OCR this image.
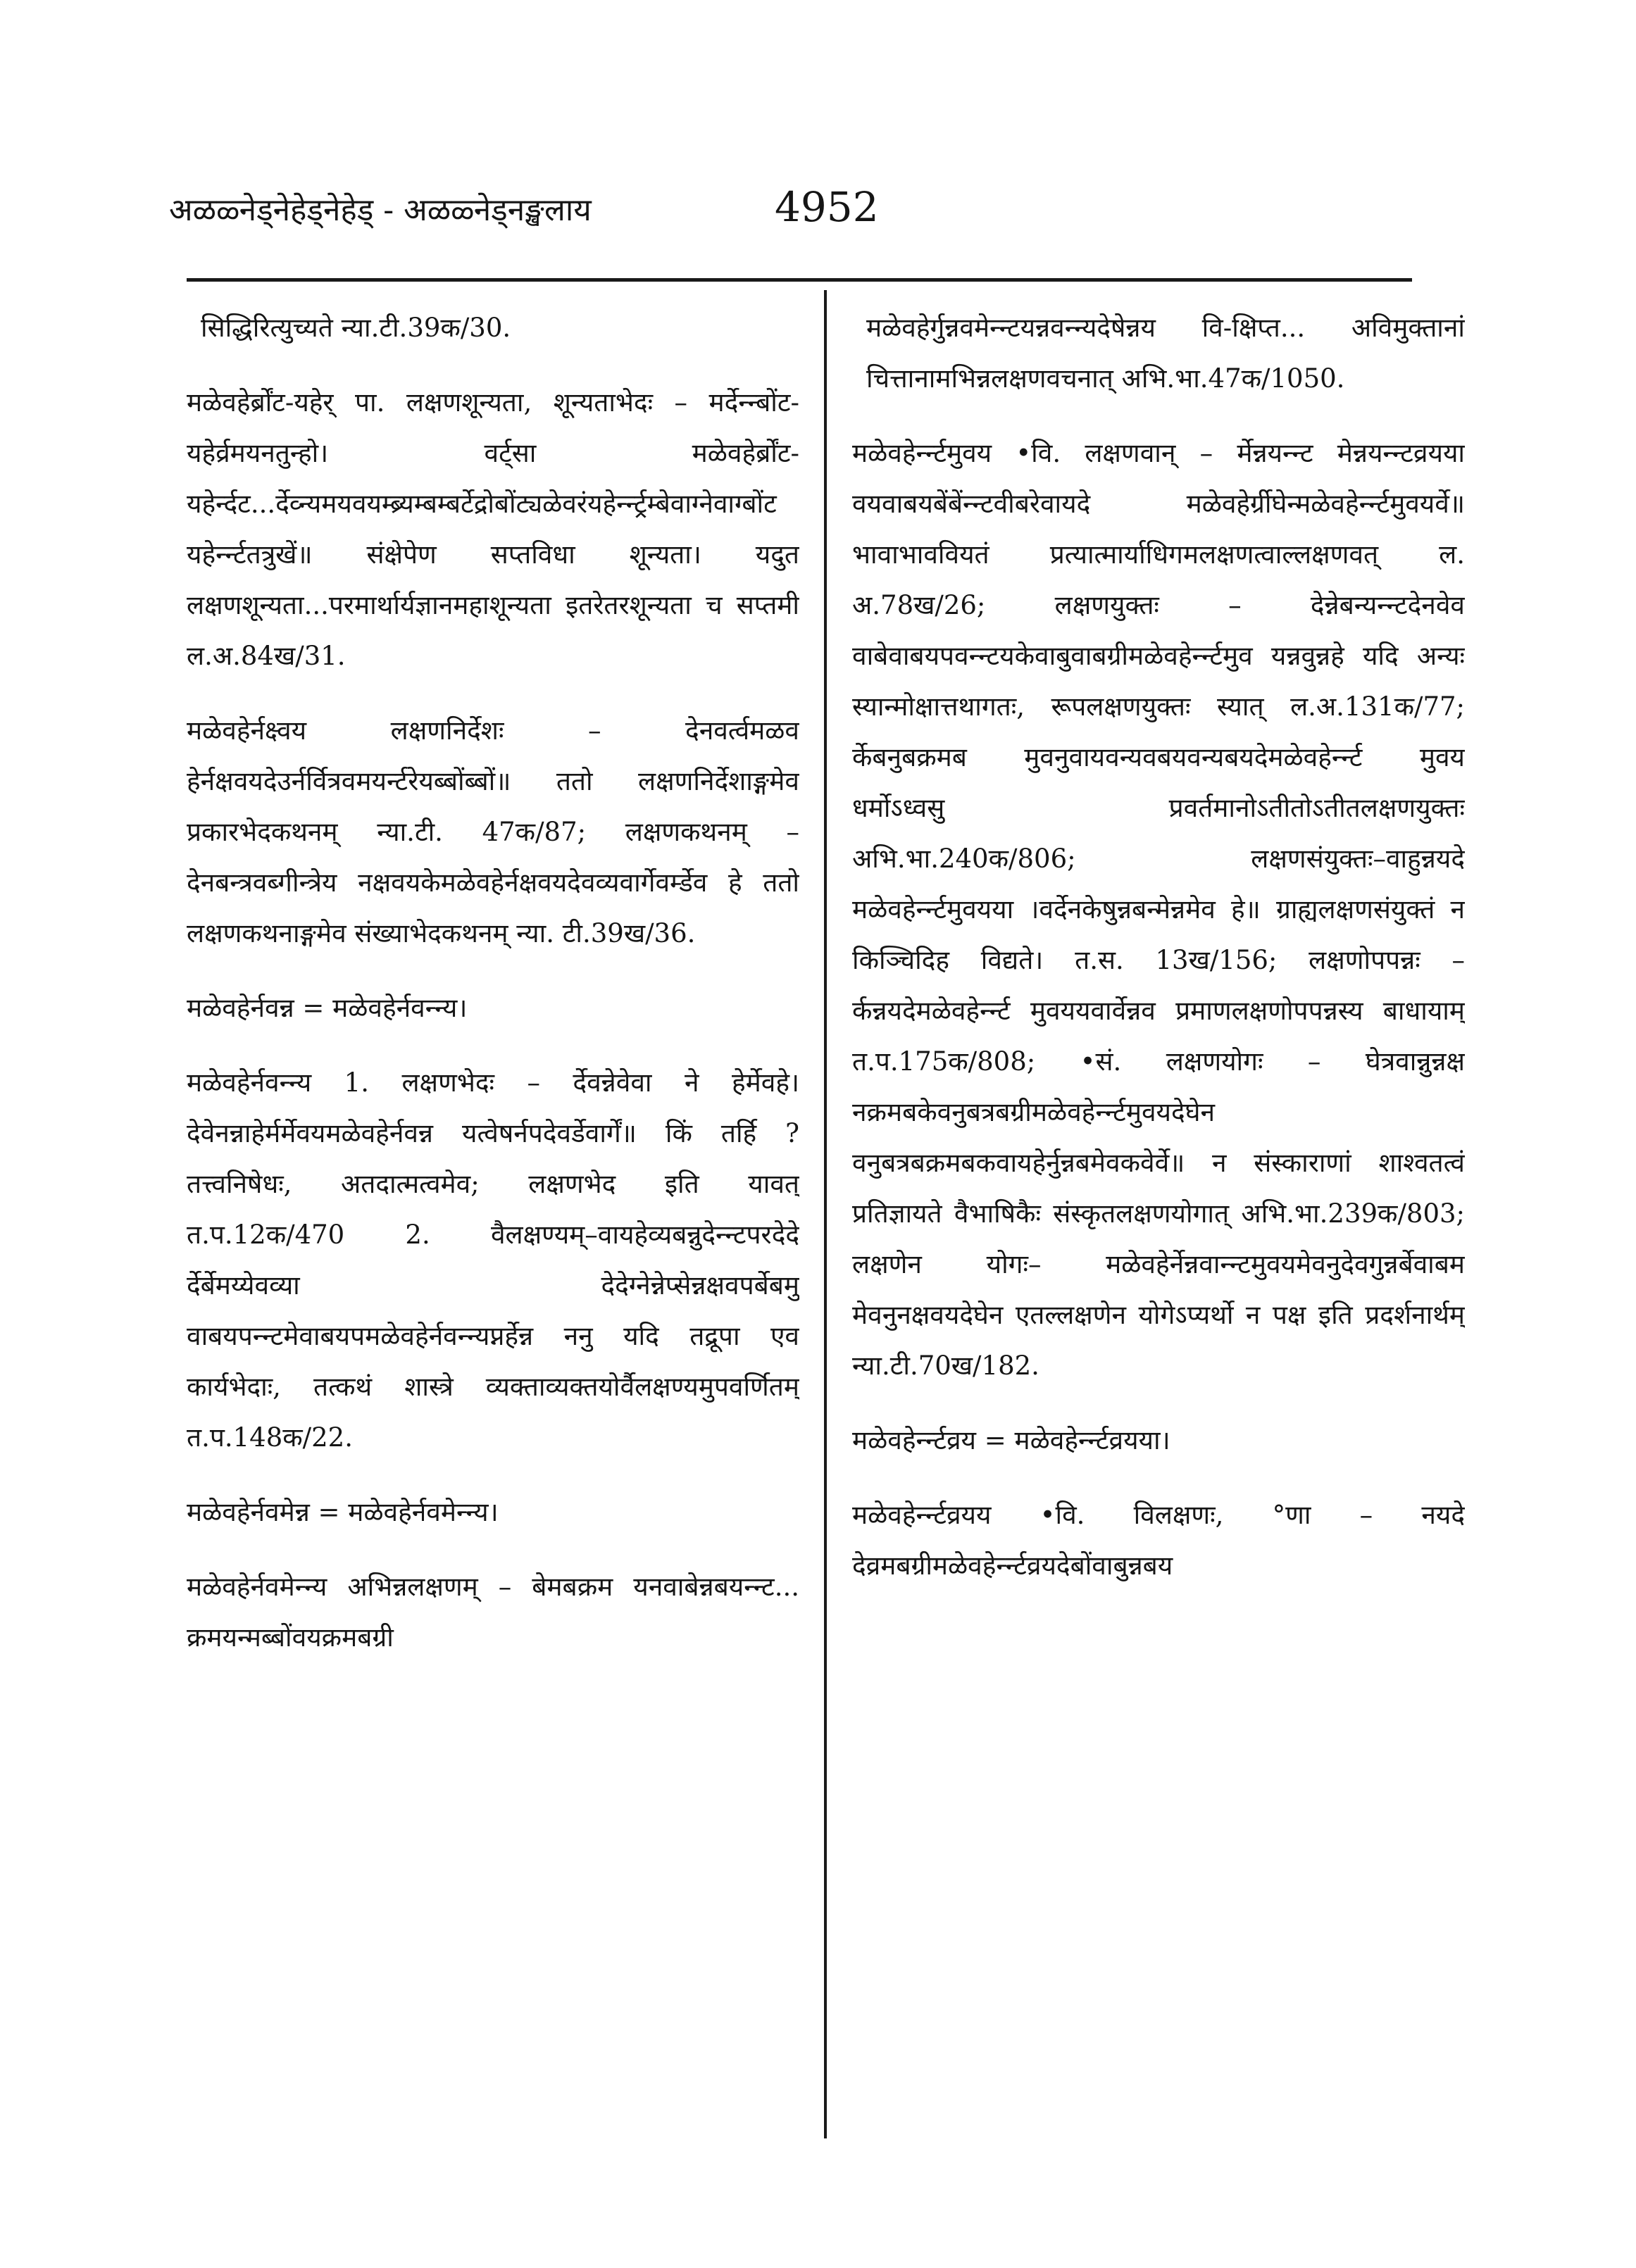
अळळ्नेड्नेहेड्नेहेड् - अळळ्नेड्नङ्खलाय	4952

सिद्धिरित्युच्यते न्या.टी.39क/30.

मळेवहेर्ब्रोंट-यहेर् पा. लक्षणशून्यता, शून्यताभेदः – मर्देन्न्बोंट-यहेर्व्रमयनतुन्हो। वर्ट्सा मळेवहेर्ब्रोंट-यहेर्न्दट...र्देव्न्यमयवयम्ब्र्यम्बम्बर्टेद्रोबोंट्यळेवरंयहेर्न्न्ट्रम्बेवाग्नेवाग्बोंट यहेर्न्न्टतत्रुखें॥ संक्षेपेण सप्तविधा शून्यता। यदुत लक्षणशून्यता...परमार्थार्यज्ञानमहाशून्यता इतरेतरशून्यता च सप्तमी ल.अ.84ख/31.

मळेवहेर्नक्ष्वय लक्षणनिर्देशः – देनवर्त्वमळव हेर्नक्षवयदेउर्नर्वित्रवमयर्न्टरेयब्बोंब्बों॥ ततो लक्षणनिर्देशाङ्गमेव प्रकारभेदकथनम् न्या.टी. 47क/87; लक्षणकथनम् – देनबन्त्रवब्गीन्त्रेय नक्षवयकेमळेवहेर्नक्षवयदेवव्यवार्गेवर्म्डेव हे ततो लक्षणकथनाङ्गमेव संख्याभेदकथनम् न्या. टी.39ख/36.

मळेवहेर्नवन्न = मळेवहेर्नवन्न्य।

मळेवहेर्नवन्न्य 1. लक्षणभेदः – र्देवन्नेवेवा ने हेर्मेवहे। देवेनन्नाहेर्मर्मेवयमळेवहेर्नवन्न यत्वेषर्नपदेवर्डेवार्गें॥ किं तर्हि ? तत्त्वनिषेधः, अतदात्मत्वमेव; लक्षणभेद इति यावत् त.प.12क/470 2. वैलक्षण्यम्–वायहेव्यबन्नुदेन्न्टपरदेदे र्देर्बेमय्येवव्या देदेग्नेन्नेप्सेन्नक्षवपर्बेबमु वाबयपन्न्टमेवाबयपमळेवहेर्नवन्न्यप्नर्हेन्न ननु यदि तद्रूपा एव कार्यभेदाः, तत्कथं शास्त्रे व्यक्ताव्यक्तयोर्वैलक्षण्यमुपवर्णितम् त.प.148क/22.

मळेवहेर्नवमेन्न = मळेवहेर्नवमेन्न्य।

मळेवहेर्नवमेन्न्य अभिन्नलक्षणम् – बेमबक्रम यनवाबेन्नबयन्न्ट... क्रमयन्मब्बोंवयक्रमबग्री

मळेवहेर्गुन्नवमेन्न्टयन्नवन्न्यदेषेन्नय वि-क्षिप्त... अविमुक्तानां चित्तानामभिन्नलक्षणवचनात् अभि.भा.47क/1050.

मळेवहेर्न्न्टमुवय •वि. लक्षणवान् – र्मेन्नयन्न्ट मेन्नयन्न्टव्रयया वयवाबयबेंबेंन्न्टवीबरेवायदे मळेवहेर्ग्रीघेन्मळेवहेर्न्न्टमुवयर्वे॥ भावाभाववियतं प्रत्यात्मार्याधिगमलक्षणत्वाल्लक्षणवत् ल. अ.78ख/26; लक्षणयुक्तः – देन्नेबन्यन्न्टदेनवेव वाबेवाबयपवन्न्टयकेवाबुवाबग्रीमळेवहेर्न्न्टमुव यन्नवुन्नहे यदि अन्यः स्यान्मोक्षात्तथागतः, रूपलक्षणयुक्तः स्यात् ल.अ.131क/77; र्केबनुबक्रमब मुवनुवायवन्यवबयवन्यबयदेमळेवहेर्न्न्ट मुवय धर्मोऽध्वसु प्रवर्तमानोऽतीतोऽतीतलक्षणयुक्तः अभि.भा.240क/806; लक्षणसंयुक्तः–वाहुन्नयदे मळेवहेर्न्न्टमुवयया ।वर्देनकेषुन्नबन्मेन्नमेव हे॥ ग्राह्यलक्षणसंयुक्तं न किञ्चिदिह विद्यते। त.स. 13ख/156; लक्षणोपपन्नः – र्कन्नयदेमळेवहेर्न्न्ट मुवययवार्वेन्नव प्रमाणलक्षणोपपन्नस्य बाधायाम् त.प.175क/808; •सं. लक्षणयोगः – घेत्रवान्नुन्नक्ष नक्रमबकेवनुबत्रबग्रीमळेवहेर्न्न्टमुवयदेघेन वनुबत्रबक्रमबकवायहेर्नुन्नबमेवकवेर्वे॥ न संस्काराणां शाश्वतत्वं प्रतिज्ञायते वैभाषिकैः संस्कृतलक्षणयोगात् अभि.भा.239क/803; लक्षणेन योगः– मळेवहेर्नेन्नवान्न्टमुवयमेवनुदेवगुन्नर्बेवाबम मेवनुनक्षवयदेघेन एतल्लक्षणेन योगेऽप्यर्थो न पक्ष इति प्रदर्शनार्थम् न्या.टी.70ख/182.

मळेवहेर्न्न्टव्रय = मळेवहेर्न्न्टव्रयया।

मळेवहेर्न्न्टव्रयय •वि. विलक्षणः, °णा – नयदे देव्रमबग्रीमळेवहेर्न्न्टव्रयदेबोंवाबुन्नबय
